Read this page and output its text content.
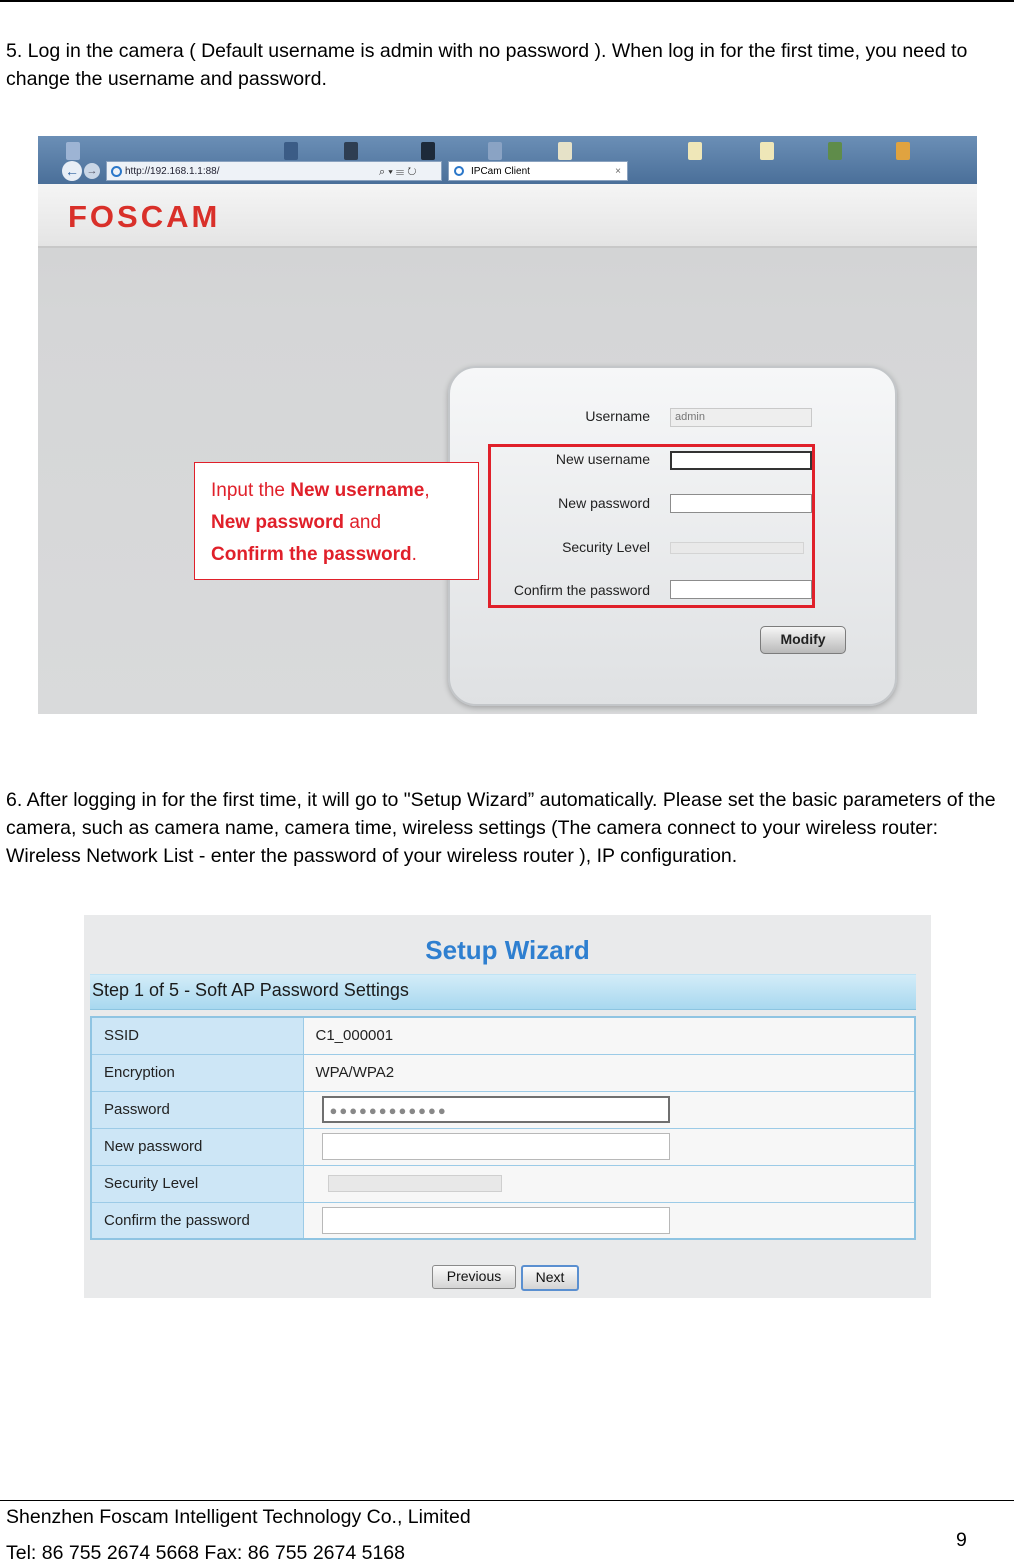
5. Log in the camera ( Default username is admin with no password ). When log in for the first time, you need to change the username and password.

← →	http://192.168.1.1:88/	⌕ ▾ ☰ ↻	IPCam Client	×
FOSCAM
Username	admin
New username
New password
Security Level
Confirm the password
Modify
Input the New username,
New password and
Confirm the password.

6. After logging in for the first time, it will go to "Setup Wizard” automatically. Please set the basic parameters of the camera, such as camera name, camera time, wireless settings (The camera connect to your wireless router: Wireless Network List - enter the password of your wireless router ), IP configuration.

Setup Wizard
Step 1 of 5 - Soft AP Password Settings
SSID	C1_000001
Encryption	WPA/WPA2
Password	●●●●●●●●●●●●
New password	
Security Level	
Confirm the password	
Previous	Next
Shenzhen Foscam Intelligent Technology Co., Limited
Tel: 86 755 2674 5668 Fax: 86 755 2674 5168
9
